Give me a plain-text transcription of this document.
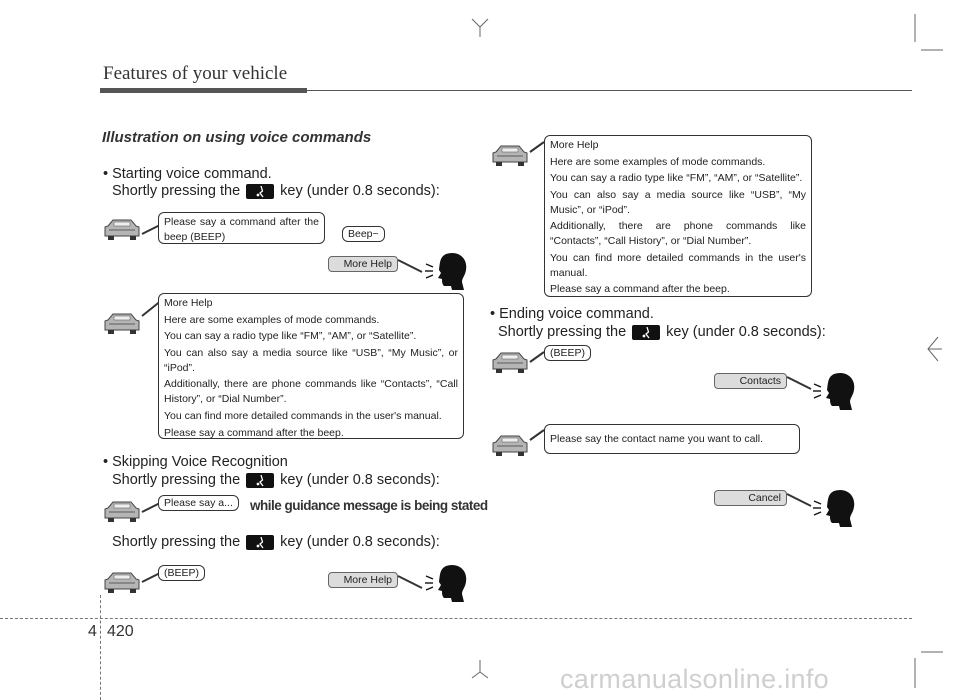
Features of your vehicle
Illustration on using voice commands
• Starting voice command.
Shortly pressing the	key (under 0.8 seconds):

Please say a command after the beep (BEEP)	Beep~
More Help

More Help

Here are some examples of mode commands.

You can say a radio type like “FM”, “AM”, or “Satellite”.

You can also say a media source like “USB”, “My Music”, or “iPod”.

Additionally, there are phone commands like “Contacts”, “Call History”, or “Dial Number”.

You can find more detailed commands in the user's manual.

Please say a command after the beep.

• Skipping Voice Recognition
Shortly pressing the	key (under 0.8 seconds):
Please say a...	while guidance message is being stated
Shortly pressing the	key (under 0.8 seconds):
(BEEP)
More Help

More Help

Here are some examples of mode commands.

You can say a radio type like “FM”, “AM”, or “Satellite”.

You can also say a media source like “USB”, “My Music”, or “iPod”.

Additionally, there are phone commands like “Contacts”, “Call History”, or “Dial Number”.

You can find more detailed commands in the user's manual.

Please say a command after the beep.

• Ending voice command.
Shortly pressing the	key (under 0.8 seconds):
(BEEP)
Contacts

Please say the contact name you want to call.

Cancel
4 420
carmanualsonline.info
